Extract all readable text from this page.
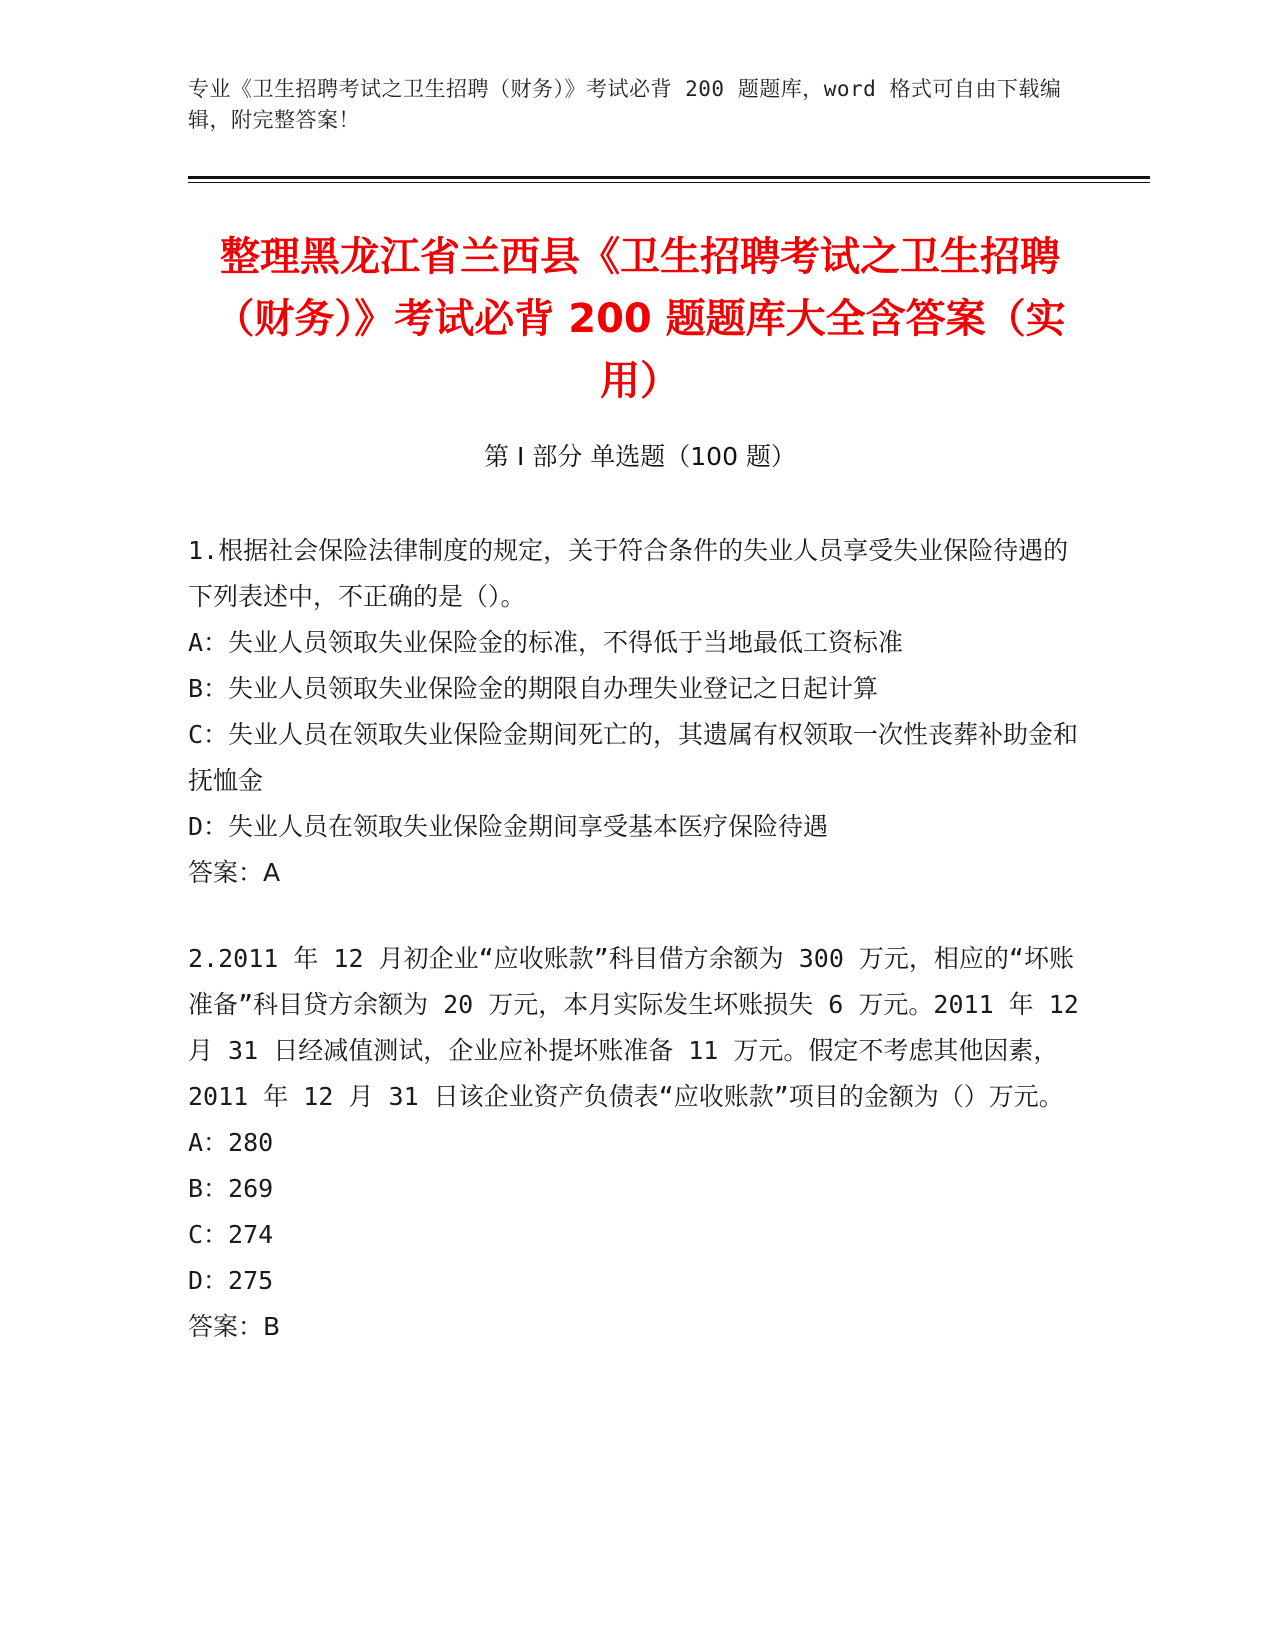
专业《卫生招聘考试之卫生招聘（财务）》考试必背 200 题题库，word 格式可自由下载编辑，附完整答案！
整理黑龙江省兰西县《卫生招聘考试之卫生招聘（财务）》考试必背 200 题题库大全含答案（实用）
第 I 部分 单选题（100 题）
1.根据社会保险法律制度的规定，关于符合条件的失业人员享受失业保险待遇的下列表述中，不正确的是（）。
A：失业人员领取失业保险金的标准，不得低于当地最低工资标准
B：失业人员领取失业保险金的期限自办理失业登记之日起计算
C：失业人员在领取失业保险金期间死亡的，其遗属有权领取一次性丧葬补助金和抚恤金
D：失业人员在领取失业保险金期间享受基本医疗保险待遇
答案：A
2.2011 年 12 月初企业“应收账款”科目借方余额为 300 万元，相应的“坏账准备”科目贷方余额为 20 万元，本月实际发生坏账损失 6 万元。2011 年 12 月 31 日经减值测试，企业应补提坏账准备 11 万元。假定不考虑其他因素，2011 年 12 月 31 日该企业资产负债表“应收账款”项目的金额为（）万元。
A：280
B：269
C：274
D：275
答案：B
